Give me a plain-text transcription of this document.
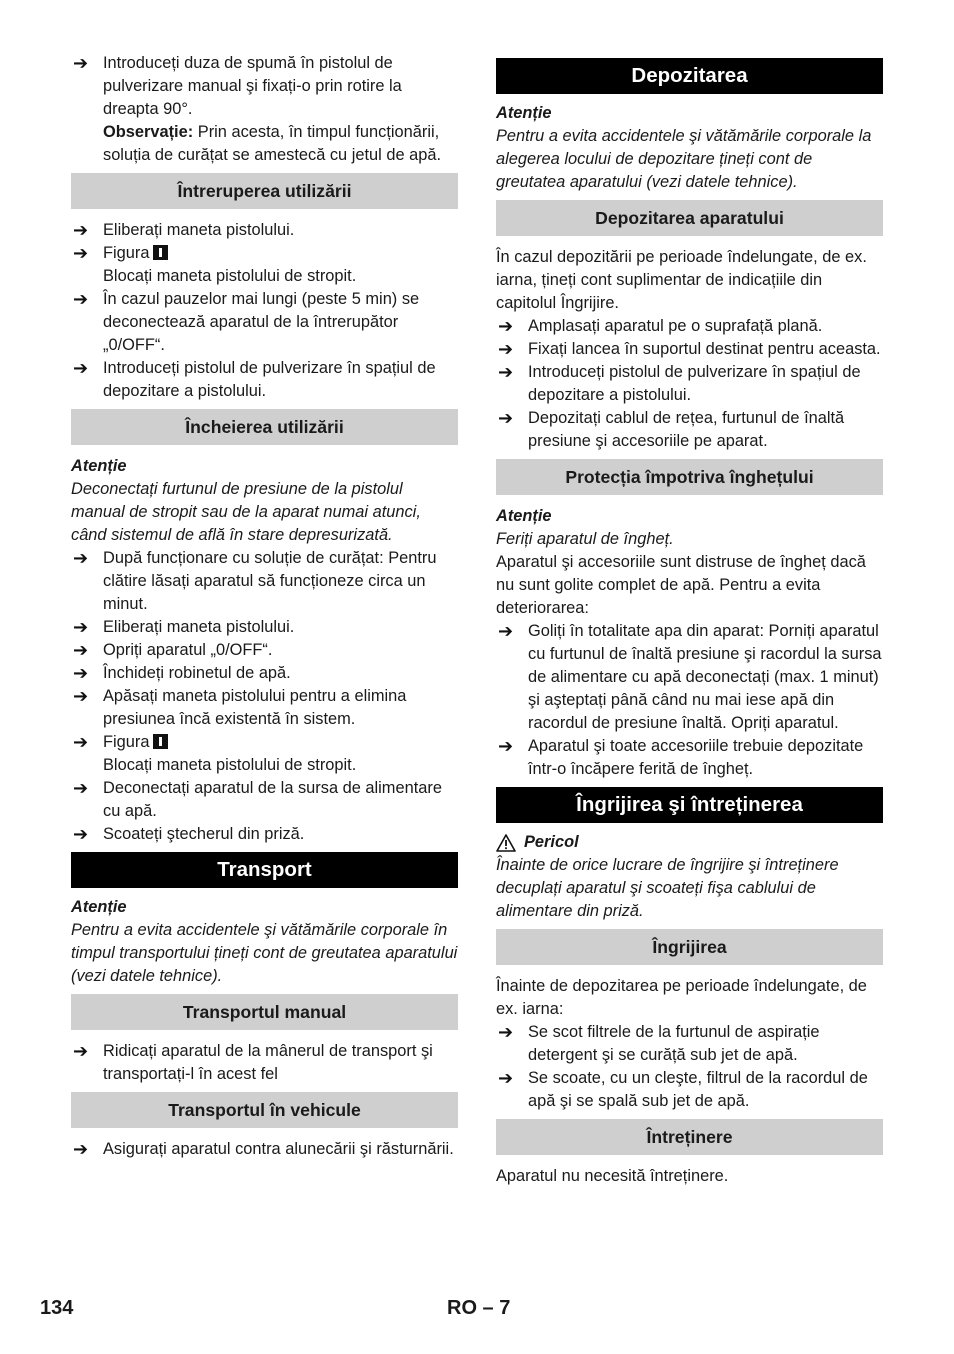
➔ Introduceți duza de spumă în pistolul de pulverizare manual şi fixați-o prin rotire la dreapta 90°.
Observație: Prin acesta, în timpul funcționării, soluția de curățat se amestecă cu jetul de apă.
Întreruperea utilizării
➔ Eliberați maneta pistolului.
➔ Figura
Blocați maneta pistolului de stropit.
➔ În cazul pauzelor mai lungi (peste 5 min) se deconectează aparatul de la întrerupător „0/OFF“.
➔ Introduceți pistolul de pulverizare în spațiul de depozitare a pistolului.
Încheierea utilizării
Atenție
Deconectați furtunul de presiune de la pistolul manual de stropit sau de la aparat numai atunci, când sistemul de află în stare depresurizată.
➔ După funcționare cu soluție de curățat: Pentru clătire lăsați aparatul să funcționeze circa un minut.
➔ Eliberați maneta pistolului.
➔ Opriți aparatul „0/OFF“.
➔ Închideți robinetul de apă.
➔ Apăsați maneta pistolului pentru a elimina presiunea încă existentă în sistem.
➔ Figura
Blocați maneta pistolului de stropit.
➔ Deconectați aparatul de la sursa de alimentare cu apă.
➔ Scoateți ştecherul din priză.
Transport
Atenție
Pentru a evita accidentele şi vătămările corporale în timpul transportului țineți cont de greutatea aparatului (vezi datele tehnice).
Transportul manual
➔ Ridicați aparatul de la mânerul de transport şi transportați-l în acest fel
Transportul în vehicule
➔ Asigurați aparatul contra alunecării şi răsturnării.
Depozitarea
Atenție
Pentru a evita accidentele şi vătămările corporale la alegerea locului de depozitare țineți cont de greutatea aparatului (vezi datele tehnice).
Depozitarea aparatului
În cazul depozitării pe perioade îndelungate, de ex. iarna, țineți cont suplimentar de indicațiile din capitolul Îngrijire.
➔ Amplasați aparatul pe o suprafață plană.
➔ Fixați lancea în suportul destinat pentru aceasta.
➔ Introduceți pistolul de pulverizare în spațiul de depozitare a pistolului.
➔ Depozitați cablul de rețea, furtunul de înaltă presiune şi accesoriile pe aparat.
Protecția împotriva înghețului
Atenție
Feriți aparatul de îngheț.
Aparatul şi accesoriile sunt distruse de îngheț dacă nu sunt golite complet de apă. Pentru a evita deteriorarea:
➔ Goliți în totalitate apa din aparat: Porniți aparatul cu furtunul de înaltă presiune şi racordul la sursa de alimentare cu apă deconectați (max. 1 minut) şi aşteptați până când nu mai iese apă din racordul de presiune înaltă. Opriți aparatul.
➔ Aparatul şi toate accesoriile trebuie depozitate într-o încăpere ferită de îngheț.
Îngrijirea şi întreținerea
Pericol
Înainte de orice lucrare de îngrijire şi întreținere decuplați aparatul şi scoateți fişa cablului de alimentare din priză.
Îngrijirea
Înainte de depozitarea pe perioade îndelungate, de ex. iarna:
➔ Se scot filtrele de la furtunul de aspirație detergent şi se curăță sub jet de apă.
➔ Se scoate, cu un cleşte, filtrul de la racordul de apă şi se spală sub jet de apă.
Întreținere
Aparatul nu necesită întreținere.
134	RO – 7
